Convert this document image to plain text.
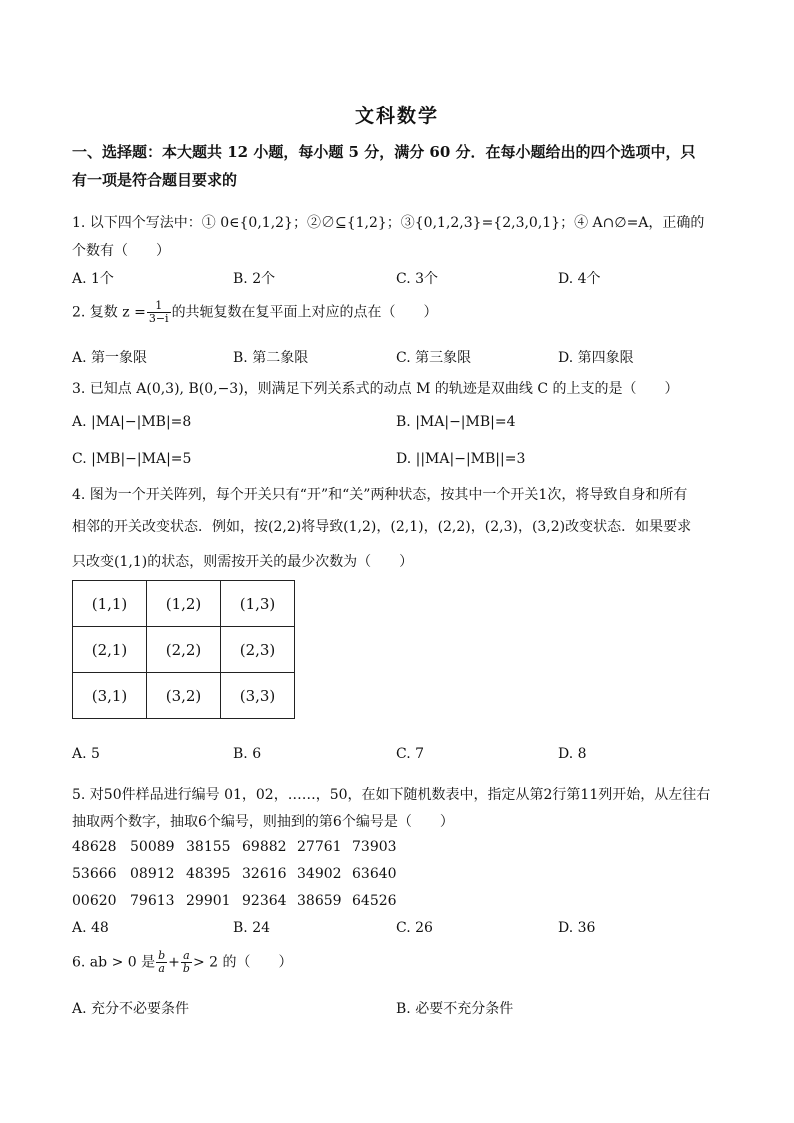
文科数学
一、选择题：本大题共 12 小题，每小题 5 分，满分 60 分．在每小题给出的四个选项中，只
有一项是符合题目要求的
1. 以下四个写法中：① 0∈{0,1,2}；②∅⊆{1,2}；③{0,1,2,3}={2,3,0,1}；④ A∩∅=A，正确的
个数有（　　）
A. 1个	B. 2个	C. 3个	D. 4个
2. 复数 $z = \frac{1}{3-i}$ 的共轭复数在复平面上对应的点在（　　）
A. 第一象限	B. 第二象限	C. 第三象限	D. 第四象限
3. 已知点 A(0,3), B(0,−3)，则满足下列关系式的动点 M 的轨迹是双曲线 C 的上支的是（　　）
A. |MA|−|MB|=8	B. |MA|−|MB|=4
C. |MB|−|MA|=5	D. ||MA|−|MB||=3
4. 图为一个开关阵列，每个开关只有“开”和“关”两种状态，按其中一个开关1次，将导致自身和所有
相邻的开关改变状态．例如，按(2,2)将导致(1,2)，(2,1)，(2,2)，(2,3)，(3,2)改变状态．如果要求
只改变(1,1)的状态，则需按开关的最少次数为（　　）
(1,1)	(1,2)	(1,3)
(2,1)	(2,2)	(2,3)
(3,1)	(3,2)	(3,3)
A. 5	B. 6	C. 7	D. 8
5. 对50件样品进行编号 01，02，……，50，在如下随机数表中，指定从第2行第11列开始，从左往右
抽取两个数字，抽取6个编号，则抽到的第6个编号是（　　）
48628 50089 38155 69882 27761 73903
53666 08912 48395 32616 34902 63640
00620 79613 29901 92364 38659 64526
A. 48	B. 24	C. 26	D. 36
6. ab > 0 是 $\frac{b}{a} + \frac{a}{b} > 2$ 的（　　）
A. 充分不必要条件	B. 必要不充分条件
